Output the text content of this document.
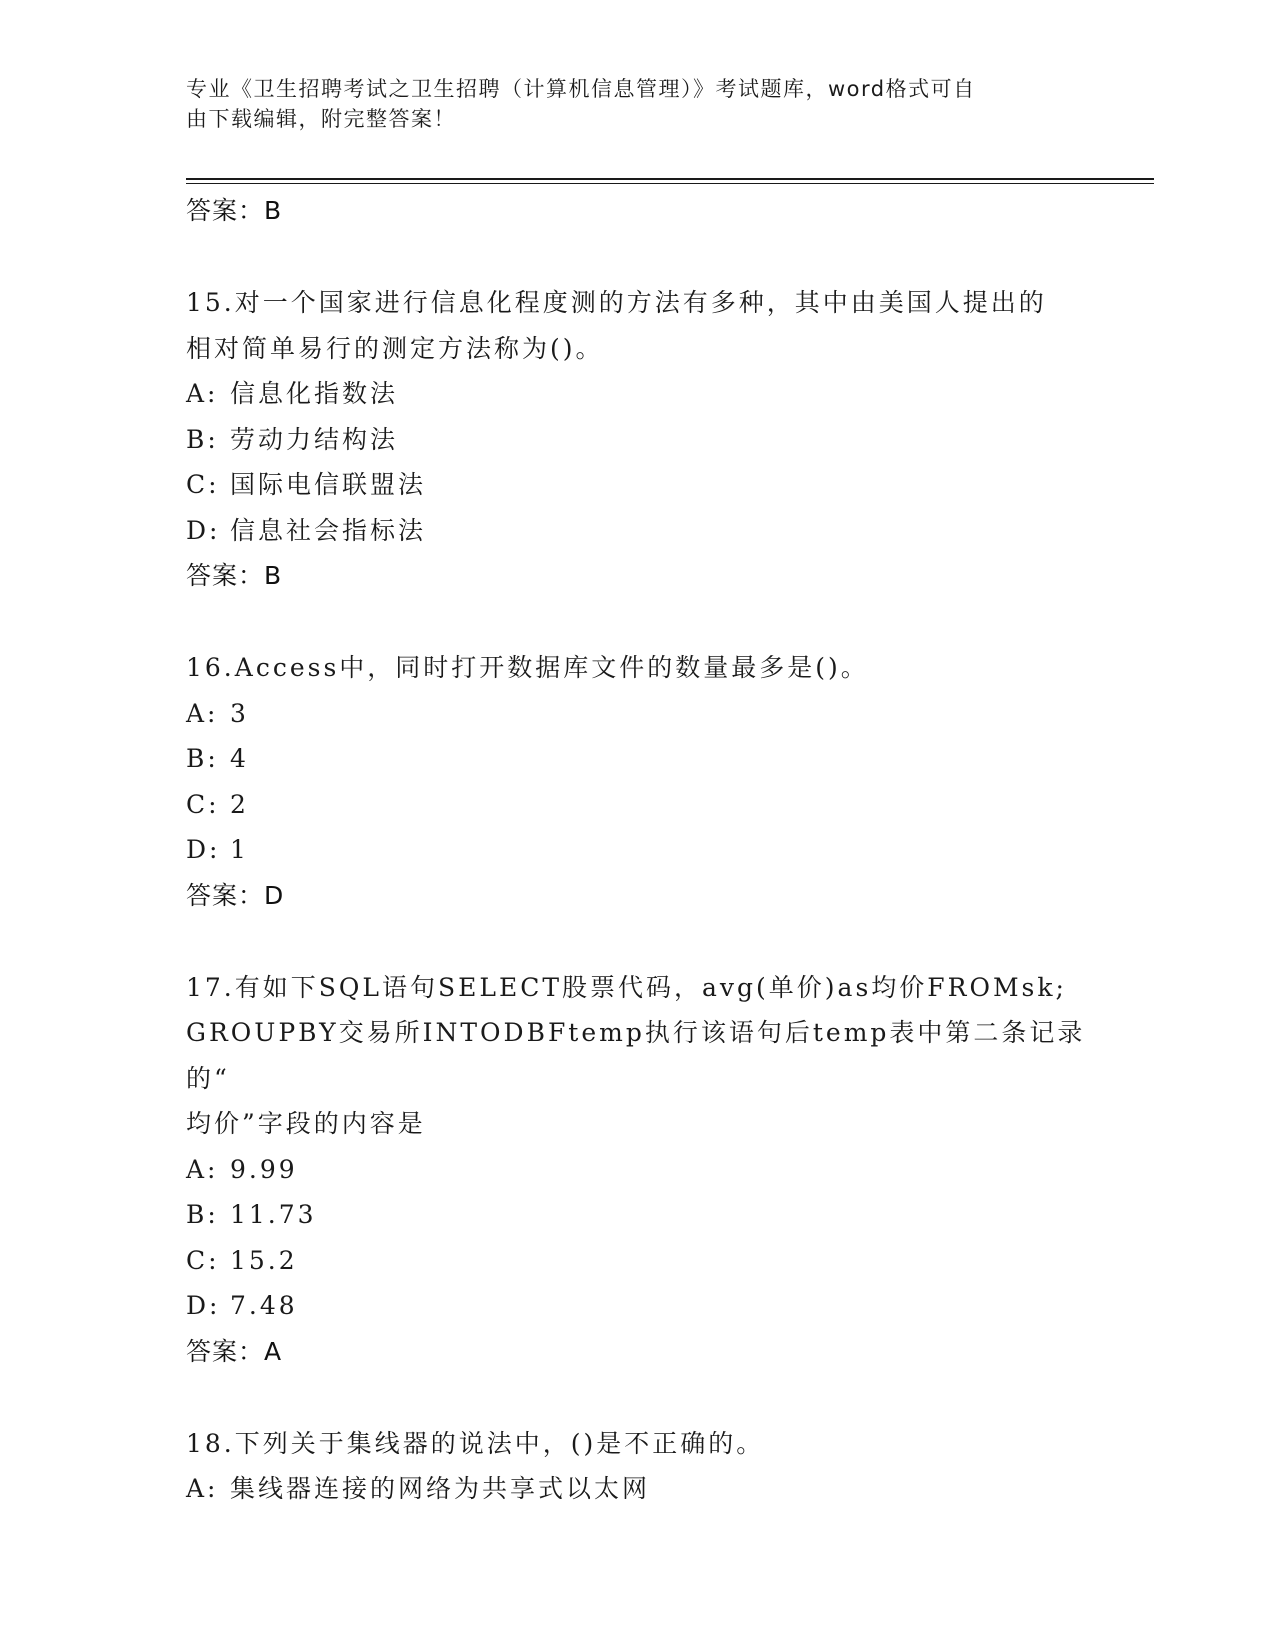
专业《卫生招聘考试之卫生招聘（计算机信息管理）》考试题库，word格式可自
由下载编辑，附完整答案！
答案：B
15.对一个国家进行信息化程度测的方法有多种，其中由美国人提出的
相对简单易行的测定方法称为()。
A: 信息化指数法
B: 劳动力结构法
C: 国际电信联盟法
D: 信息社会指标法
答案：B
16.Access中，同时打开数据库文件的数量最多是()。
A: 3
B: 4
C: 2
D: 1
答案：D
17.有如下SQL语句SELECT股票代码，avg(单价)as均价FROMsk;
GROUPBY交易所INTODBFtemp执行该语句后temp表中第二条记录的“
均价”字段的内容是
A: 9.99
B: 11.73
C: 15.2
D: 7.48
答案：A
18.下列关于集线器的说法中，()是不正确的。
A: 集线器连接的网络为共享式以太网
